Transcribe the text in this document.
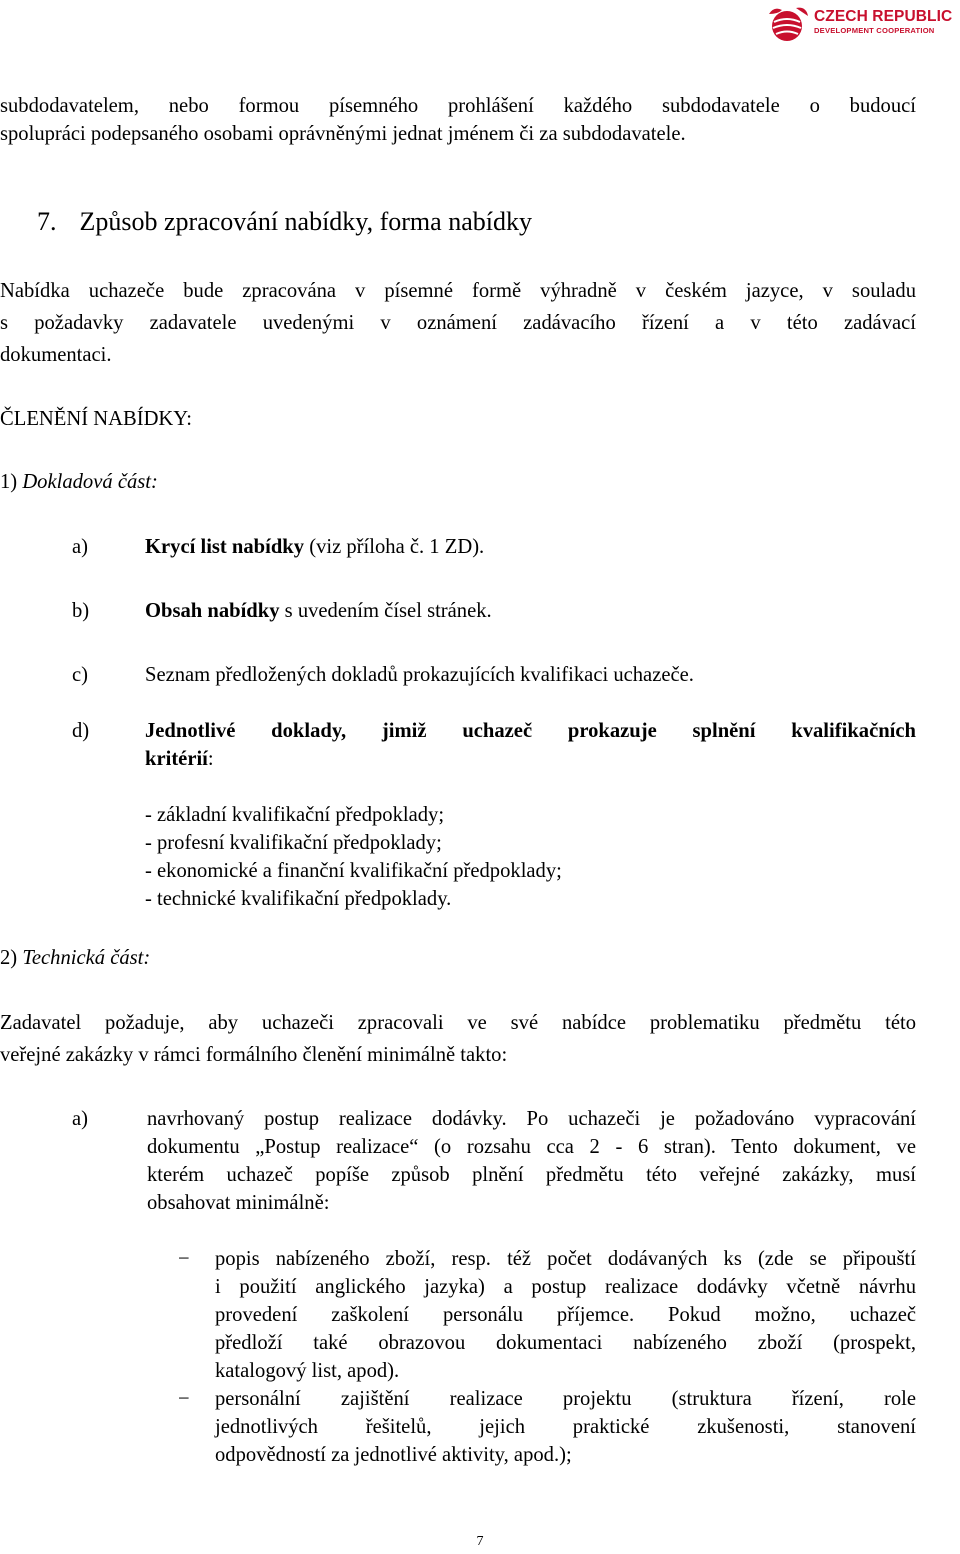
CZECH REPUBLIC
DEVELOPMENT COOPERATION
subdodavatelem, nebo formou písemného prohlášení každého subdodavatele o budoucí
spolupráci podepsaného osobami oprávněnými jednat jménem či za subdodavatele.
7. Způsob zpracování nabídky, forma nabídky
Nabídka uchazeče bude zpracována v písemné formě výhradně v českém jazyce, v souladu
s požadavky zadavatele uvedenými v oznámení zadávacího řízení a v této zadávací
dokumentaci.
ČLENĚNÍ NABÍDKY:
1) Dokladová část:
a)	Krycí list nabídky (viz příloha č. 1 ZD).
b)	Obsah nabídky s uvedením čísel stránek.
c)	Seznam předložených dokladů prokazujících kvalifikaci uchazeče.
d)	Jednotlivé doklady, jimiž uchazeč prokazuje splnění kvalifikačních
kritérií:
- základní kvalifikační předpoklady;
- profesní kvalifikační předpoklady;
- ekonomické a finanční kvalifikační předpoklady;
- technické kvalifikační předpoklady.
2) Technická část:
Zadavatel požaduje, aby uchazeči zpracovali ve své nabídce problematiku předmětu této
veřejné zakázky v rámci formálního členění minimálně takto:
a)	navrhovaný postup realizace dodávky. Po uchazeči je požadováno vypracování
dokumentu „Postup realizace“ (o rozsahu cca 2 - 6 stran). Tento dokument, ve
kterém uchazeč popíše způsob plnění předmětu této veřejné zakázky, musí
obsahovat minimálně:
− popis nabízeného zboží, resp. též počet dodávaných ks (zde se připouští
i použití anglického jazyka) a postup realizace dodávky včetně návrhu
provedení zaškolení personálu příjemce. Pokud možno, uchazeč
předloží také obrazovou dokumentaci nabízeného zboží (prospekt,
katalogový list, apod).
− personální zajištění realizace projektu (struktura řízení, role
jednotlivých řešitelů, jejich praktické zkušenosti, stanovení
odpovědností za jednotlivé aktivity, apod.);
7
